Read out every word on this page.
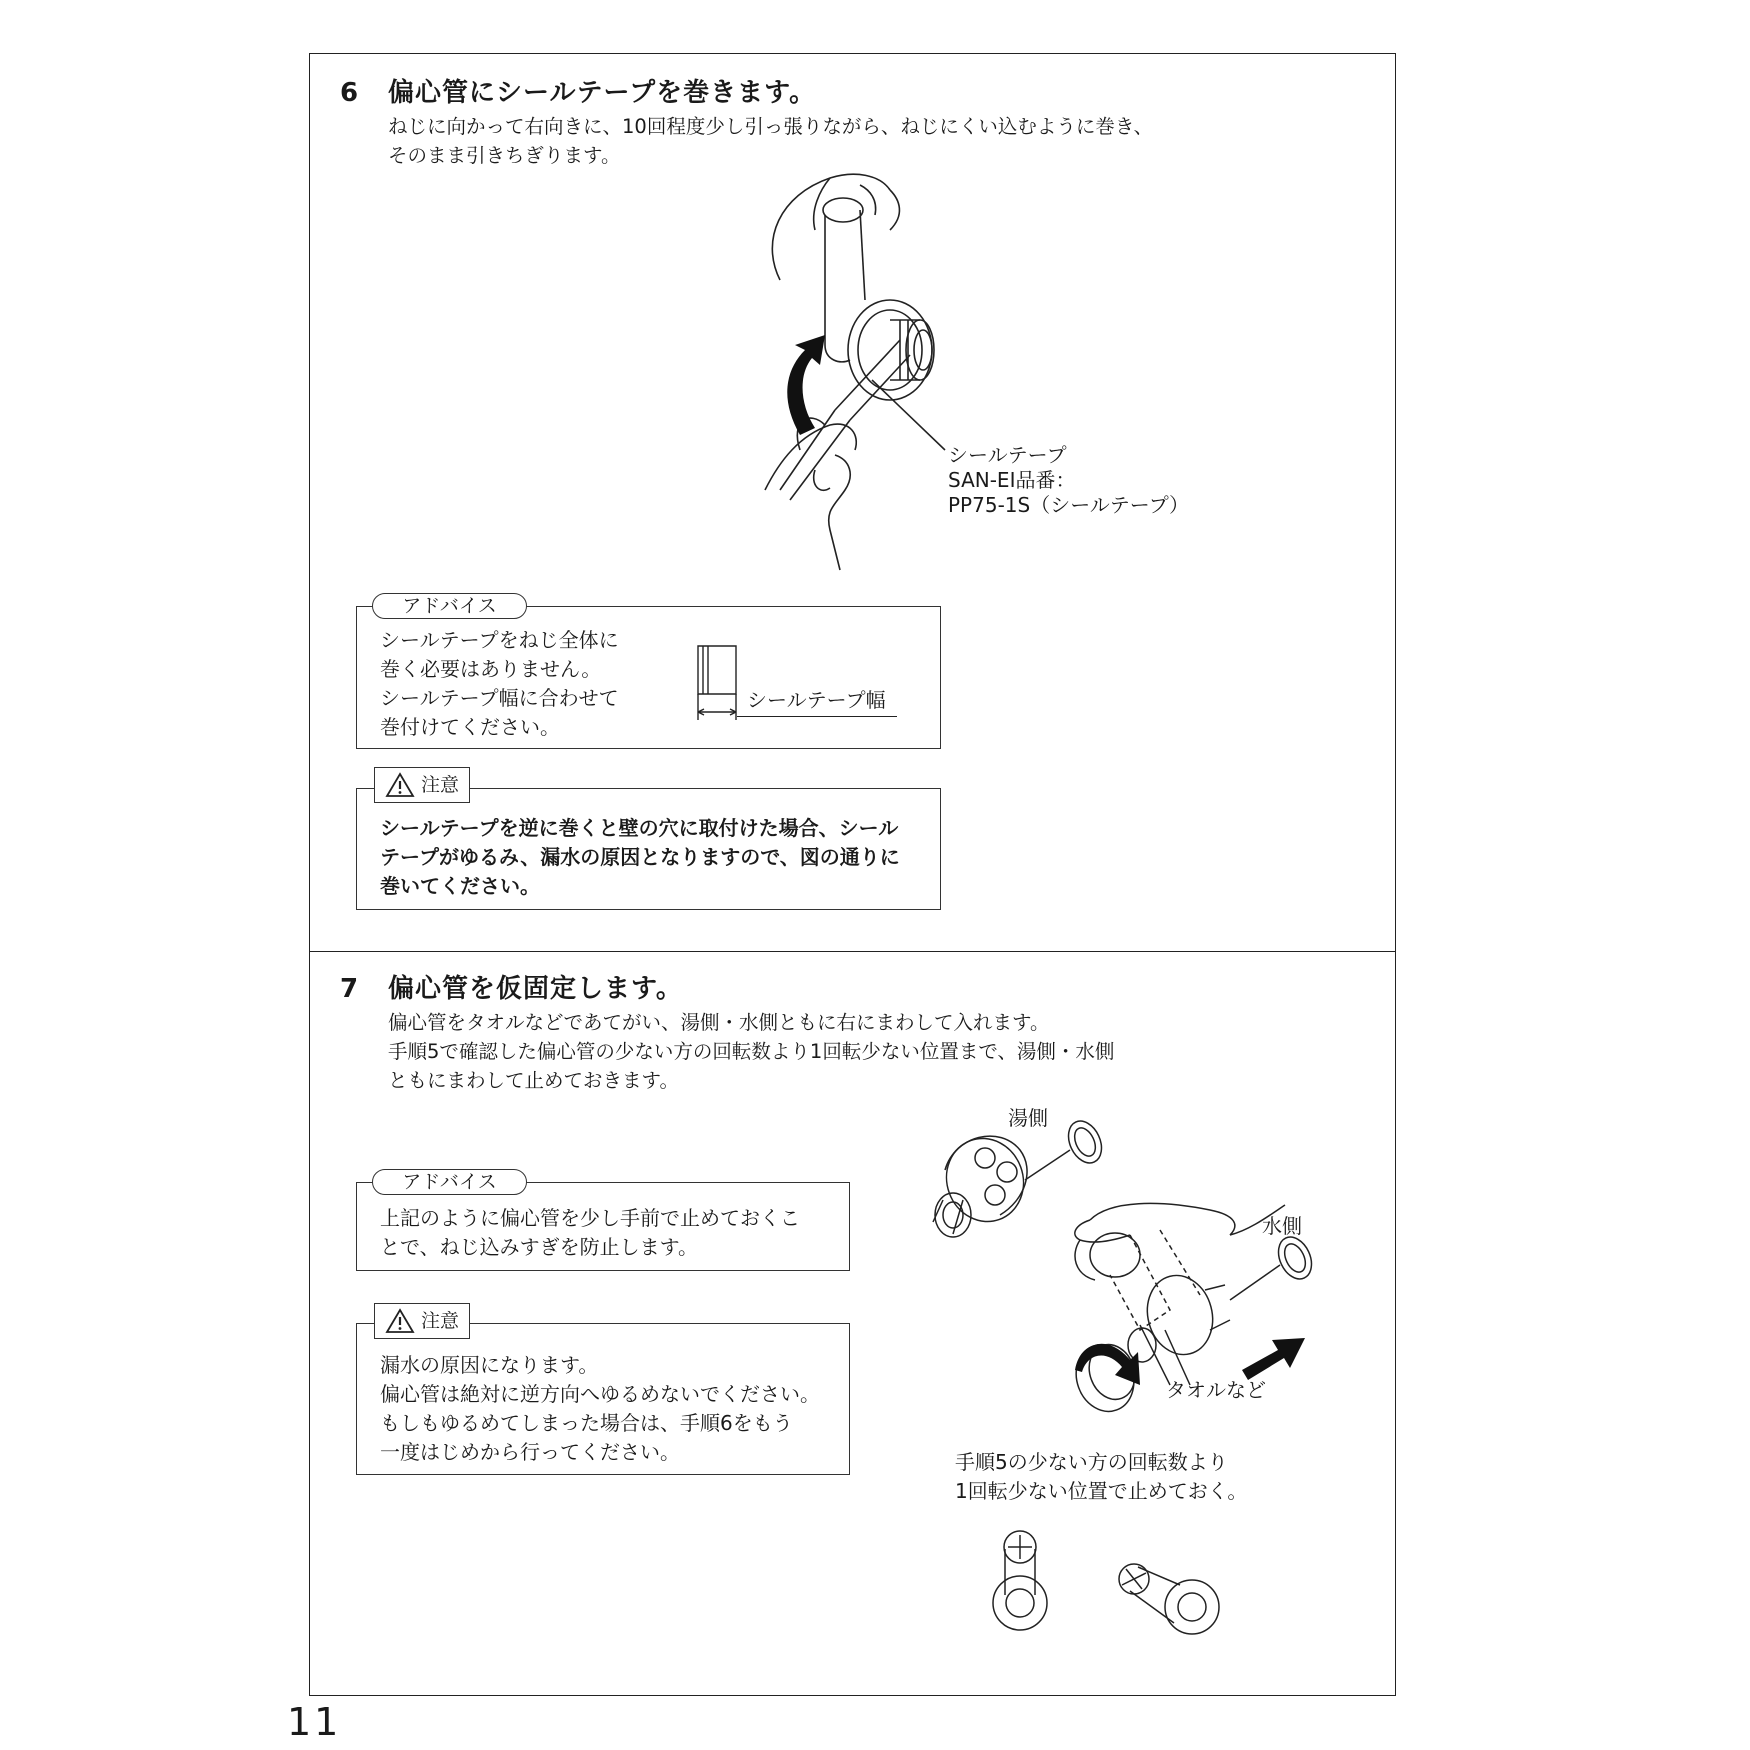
6 偏心管にシールテープを巻きます。
ねじに向かって右向きに、10回程度少し引っ張りながら、ねじにくい込むように巻き、
そのまま引きちぎります。
シールテープ
SAN-EI品番：
PP75-1S（シールテープ）
アドバイス
シールテープをねじ全体に
巻く必要はありません。
シールテープ幅に合わせて
巻付けてください。
シールテープ幅
注意
シールテープを逆に巻くと壁の穴に取付けた場合、シール
テープがゆるみ、漏水の原因となりますので、図の通りに
巻いてください。
7 偏心管を仮固定します。
偏心管をタオルなどであてがい、湯側・水側ともに右にまわして入れます。
手順5で確認した偏心管の少ない方の回転数より1回転少ない位置まで、湯側・水側
ともにまわして止めておきます。
アドバイス
上記のように偏心管を少し手前で止めておくこ
とで、ねじ込みすぎを防止します。
注意
漏水の原因になります。
偏心管は絶対に逆方向へゆるめないでください。
もしもゆるめてしまった場合は、手順6をもう
一度はじめから行ってください。
湯側
水側
タオルなど
手順5の少ない方の回転数より
1回転少ない位置で止めておく。
11
